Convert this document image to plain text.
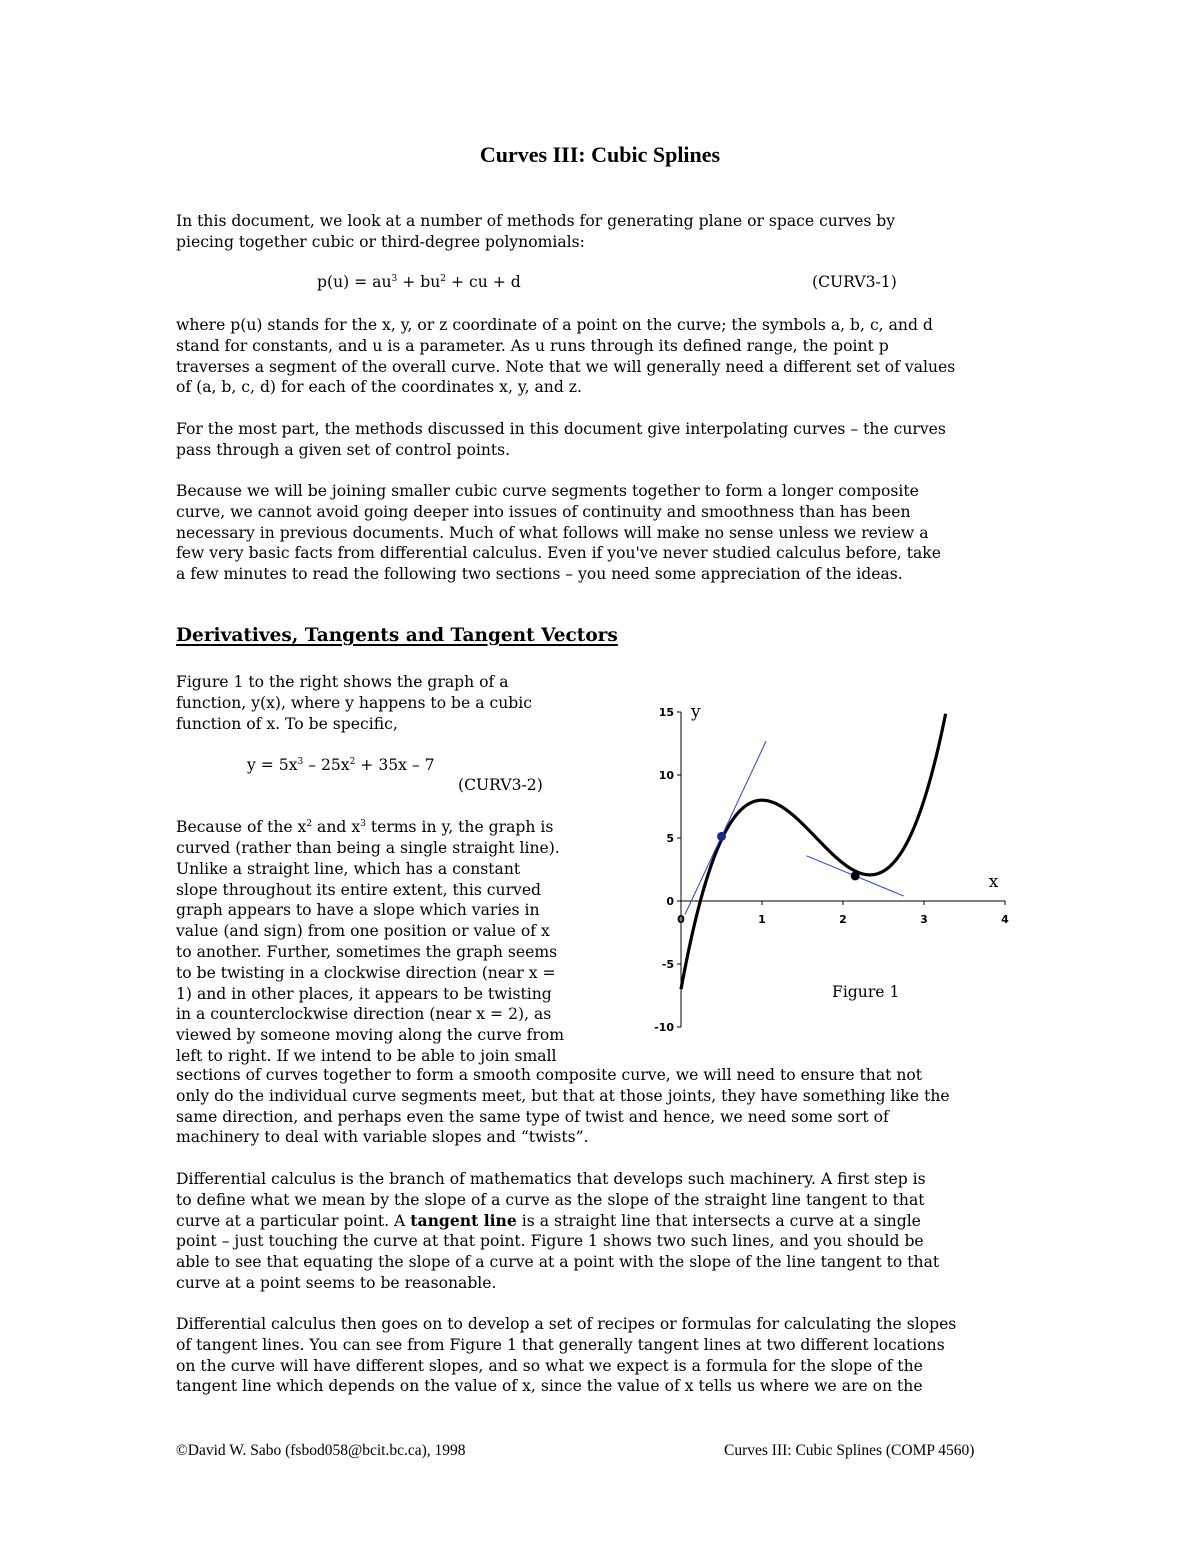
Curves III: Cubic Splines
In this document, we look at a number of methods for generating plane or space curves by
piecing together cubic or third-degree polynomials:
$p(u) = au^3 + bu^2$ + cu + d	(CURV3-1)
where p(u) stands for the x, y, or z coordinate of a point on the curve; the symbols a, b, c, and d
stand for constants, and u is a parameter. As u runs through its defined range, the point p
traverses a segment of the overall curve. Note that we will generally need a different set of values
of (a, b, c, d) for each of the coordinates x, y, and z.
For the most part, the methods discussed in this document give interpolating curves – the curves
pass through a given set of control points.
Because we will be joining smaller cubic curve segments together to form a longer composite
curve, we cannot avoid going deeper into issues of continuity and smoothness than has been
necessary in previous documents. Much of what follows will make no sense unless we review a
few very basic facts from differential calculus. Even if you've never studied calculus before, take
a few minutes to read the following two sections – you need some appreciation of the ideas.
Derivatives, Tangents and Tangent Vectors
Figure 1 to the right shows the graph of a
function, y(x), where y happens to be a cubic
function of x. To be specific,
$y = 5x^3 - 25x^2 + 35x - 7$
(CURV3-2)
Because of the $x^2$ and $x^3$ terms in y, the graph is
curved (rather than being a single straight line).
Unlike a straight line, which has a constant
slope throughout its entire extent, this curved
graph appears to have a slope which varies in
value (and sign) from one position or value of x
to another. Further, sometimes the graph seems
to be twisting in a clockwise direction (near x =
1) and in other places, it appears to be twisting
in a counterclockwise direction (near x = 2), as
viewed by someone moving along the curve from
left to right. If we intend to be able to join small
sections of curves together to form a smooth composite curve, we will need to ensure that not
only do the individual curve segments meet, but that at those joints, they have something like the
same direction, and perhaps even the same type of twist and hence, we need some sort of
machinery to deal with variable slopes and “twists”.
Differential calculus is the branch of mathematics that develops such machinery. A first step is
to define what we mean by the slope of a curve as the slope of the straight line tangent to that
curve at a particular point. A tangent line is a straight line that intersects a curve at a single
point – just touching the curve at that point. Figure 1 shows two such lines, and you should be
able to see that equating the slope of a curve at a point with the slope of the line tangent to that
curve at a point seems to be reasonable.
Differential calculus then goes on to develop a set of recipes or formulas for calculating the slopes
of tangent lines. You can see from Figure 1 that generally tangent lines at two different locations
on the curve will have different slopes, and so what we expect is a formula for the slope of the
tangent line which depends on the value of x, since the value of x tells us where we are on the
15
10
5
0
-5
-10
0	1	2	3	4
y
x
Figure 1
©David W. Sabo (fsbod058@bcit.bc.ca), 1998	Curves III: Cubic Splines (COMP 4560)
